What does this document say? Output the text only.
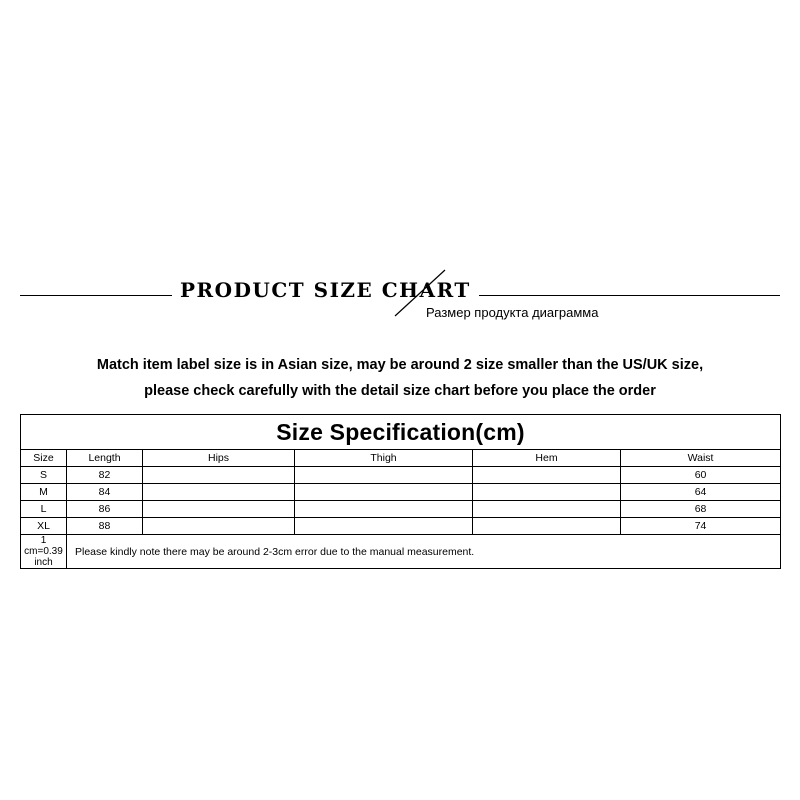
PRODUCT SIZE CHART
Размер продукта диаграмма
Match item label size is in Asian size, may be around 2 size smaller than the US/UK size,
please check carefully with the detail size chart before you place the order
Size Specification(cm)					
Size	Length	Hips	Thigh	Hem	Waist
S	82				60
M	84				64
L	86				68
XL	88				74
1 cm=0.39 inch	Please kindly note there may be around 2-3cm error due to the manual measurement.				
